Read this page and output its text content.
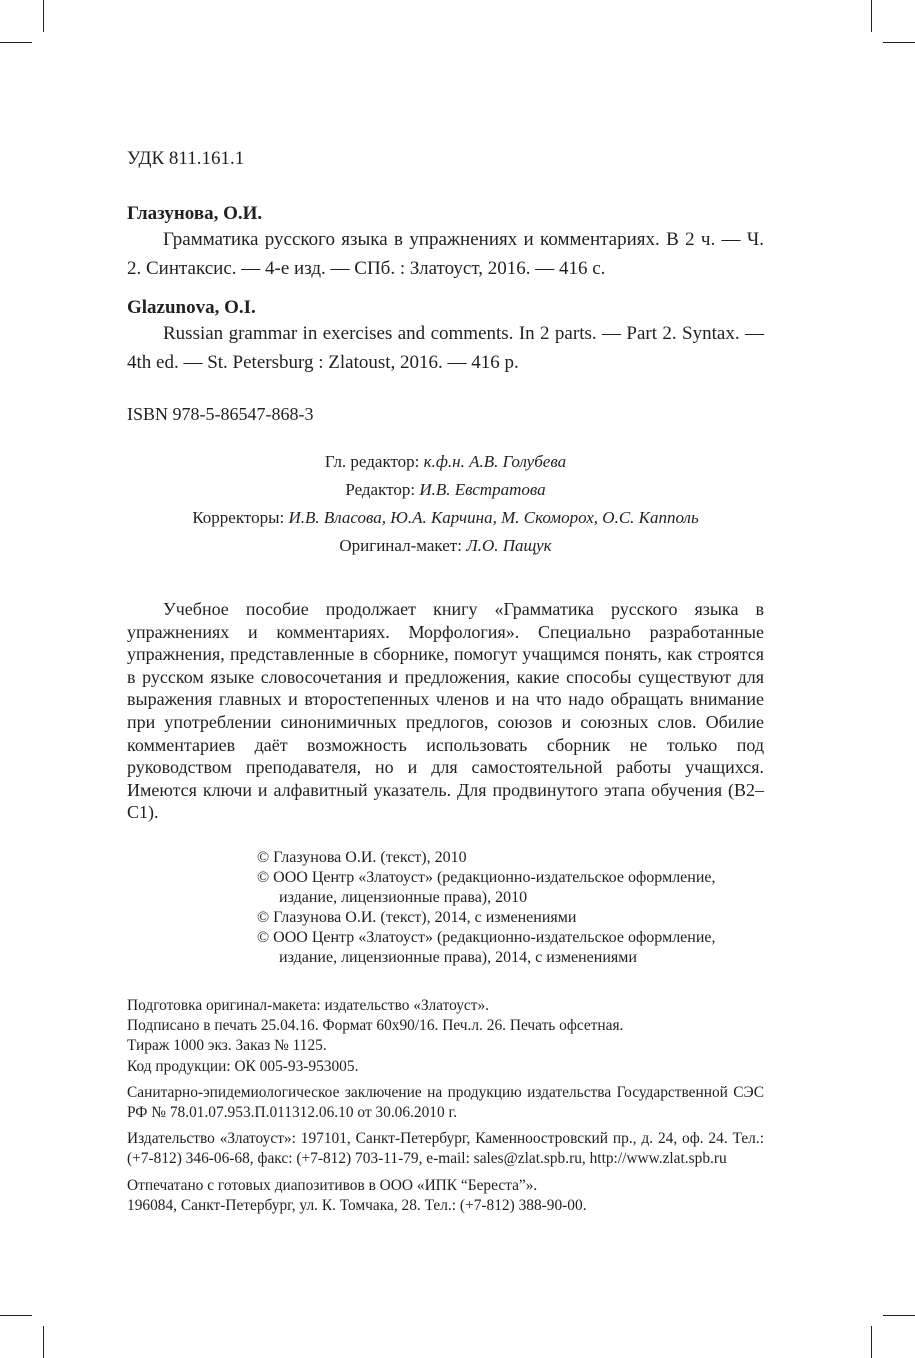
УДК 811.161.1
Глазунова, О.И.

Грамматика русского языка в упражнениях и комментариях. В 2 ч. — Ч. 2. Синтаксис. — 4-е изд. — СПб. : Златоуст, 2016. — 416 с.

Glazunova, O.I.

Russian grammar in exercises and comments. In 2 parts. — Part 2. Syntax. — 4th ed. — St. Petersburg : Zlatoust, 2016. — 416 p.

ISBN 978-5-86547-868-3
Гл. редактор: к.ф.н. А.В. Голубева
Редактор: И.В. Евстратова
Корректоры: И.В. Власова, Ю.А. Карчина, М. Скоморох, О.С. Капполь
Оригинал-макет: Л.О. Пащук
Учебное пособие продолжает книгу «Грамматика русского языка в упражнениях и комментариях. Морфология». Специально разработанные упражнения, представленные в сборнике, помогут учащимся понять, как строятся в русском языке словосочетания и предложения, какие способы существуют для выражения главных и второстепенных членов и на что надо обращать внимание при употреблении синонимичных предлогов, союзов и союзных слов. Обилие комментариев даёт возможность использовать сборник не только под руководством преподавателя, но и для самостоятельной работы учащихся. Имеются ключи и алфавитный указатель. Для продвинутого этапа обучения (В2–С1).
© Глазунова О.И. (текст), 2010
© ООО Центр «Златоуст» (редакционно-издательское оформление, издание, лицензионные права), 2010
© Глазунова О.И. (текст), 2014, с изменениями
© ООО Центр «Златоуст» (редакционно-издательское оформление, издание, лицензионные права), 2014, с изменениями

Подготовка оригинал-макета: издательство «Златоуст».

Подписано в печать 25.04.16. Формат 60х90/16. Печ.л. 26. Печать офсетная.

Тираж 1000 экз. Заказ № 1125.

Код продукции: ОК 005-93-953005.

Санитарно-эпидемиологическое заключение на продукцию издательства Государственной СЭС РФ № 78.01.07.953.П.011312.06.10 от 30.06.2010 г.

Издательство «Златоуст»: 197101, Санкт-Петербург, Каменноостровский пр., д. 24, оф. 24. Тел.: (+7-812) 346-06-68, факс: (+7-812) 703-11-79, e-mail: sales@zlat.spb.ru, http://www.zlat.spb.ru

Отпечатано с готовых диапозитивов в ООО «ИПК “Береста”».

196084, Санкт-Петербург, ул. К. Томчака, 28. Тел.: (+7-812) 388-90-00.
